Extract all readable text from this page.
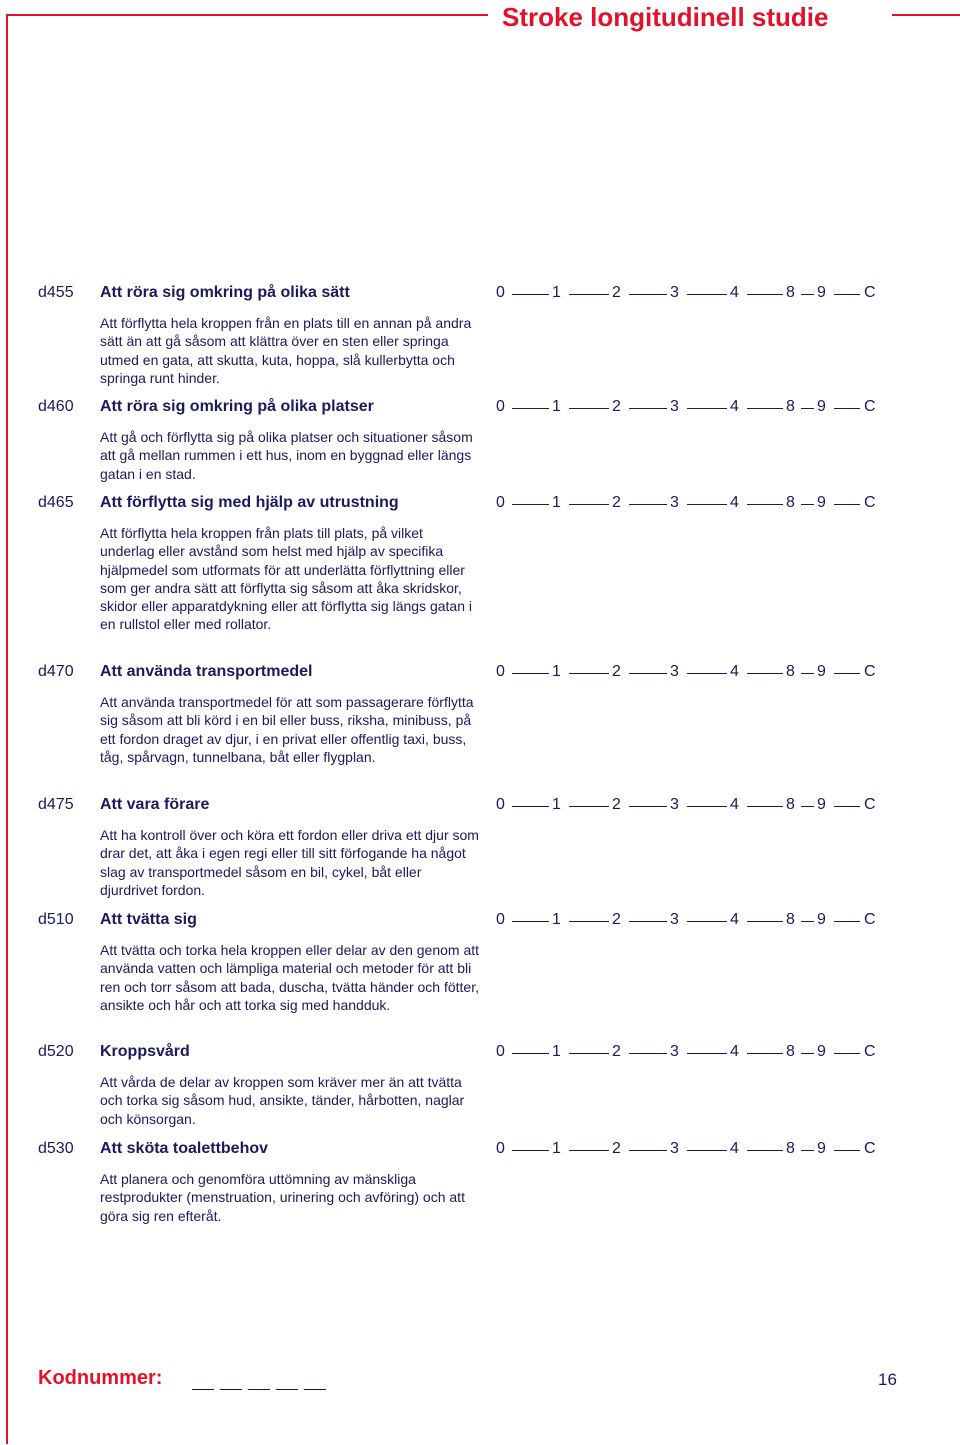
Stroke longitudinell studie
d455 Att röra sig omkring på olika sätt	0	1	2	3	4	8 9 C
Att förflytta hela kroppen från en plats till en annan på andra sätt än att gå såsom att klättra över en sten eller springa utmed en gata, att skutta, kuta, hoppa, slå kullerbytta och springa runt hinder.
d460 Att röra sig omkring på olika platser	0	1	2	3	4	8 9 C
Att gå och förflytta sig på olika platser och situationer såsom att gå mellan rummen i ett hus, inom en byggnad eller längs gatan i en stad.
d465 Att förflytta sig med hjälp av utrustning	0	1	2	3	4	8 9 C
Att förflytta hela kroppen från plats till plats, på vilket underlag eller avstånd som helst med hjälp av specifika hjälpmedel som utformats för att underlätta förflyttning eller som ger andra sätt att förflytta sig såsom att åka skridskor, skidor eller apparatdykning eller att förflytta sig längs gatan i en rullstol eller med rollator.
d470 Att använda transportmedel	0	1	2	3	4	8 9 C
Att använda transportmedel för att som passagerare förflytta sig såsom att bli körd i en bil eller buss, riksha, minibuss, på ett fordon draget av djur, i en privat eller offentlig taxi, buss, tåg, spårvagn, tunnelbana, båt eller flygplan.
d475 Att vara förare	0	1	2	3	4	8 9 C
Att ha kontroll över och köra ett fordon eller driva ett djur som drar det, att åka i egen regi eller till sitt förfogande ha något slag av transportmedel såsom en bil, cykel, båt eller djurdrivet fordon.
d510 Att tvätta sig	0	1	2	3	4	8 9 C
Att tvätta och torka hela kroppen eller delar av den genom att använda vatten och lämpliga material och metoder för att bli ren och torr såsom att bada, duscha, tvätta händer och fötter, ansikte och hår och att torka sig med handduk.
d520 Kroppsvård	0	1	2	3	4	8 9 C
Att vårda de delar av kroppen som kräver mer än att tvätta och torka sig såsom hud, ansikte, tänder, hårbotten, naglar och könsorgan.
d530 Att sköta toalettbehov	0	1	2	3	4	8 9 C
Att planera och genomföra uttömning av mänskliga restprodukter (menstruation, urinering och avföring) och att göra sig ren efteråt.
Kodnummer:	16
